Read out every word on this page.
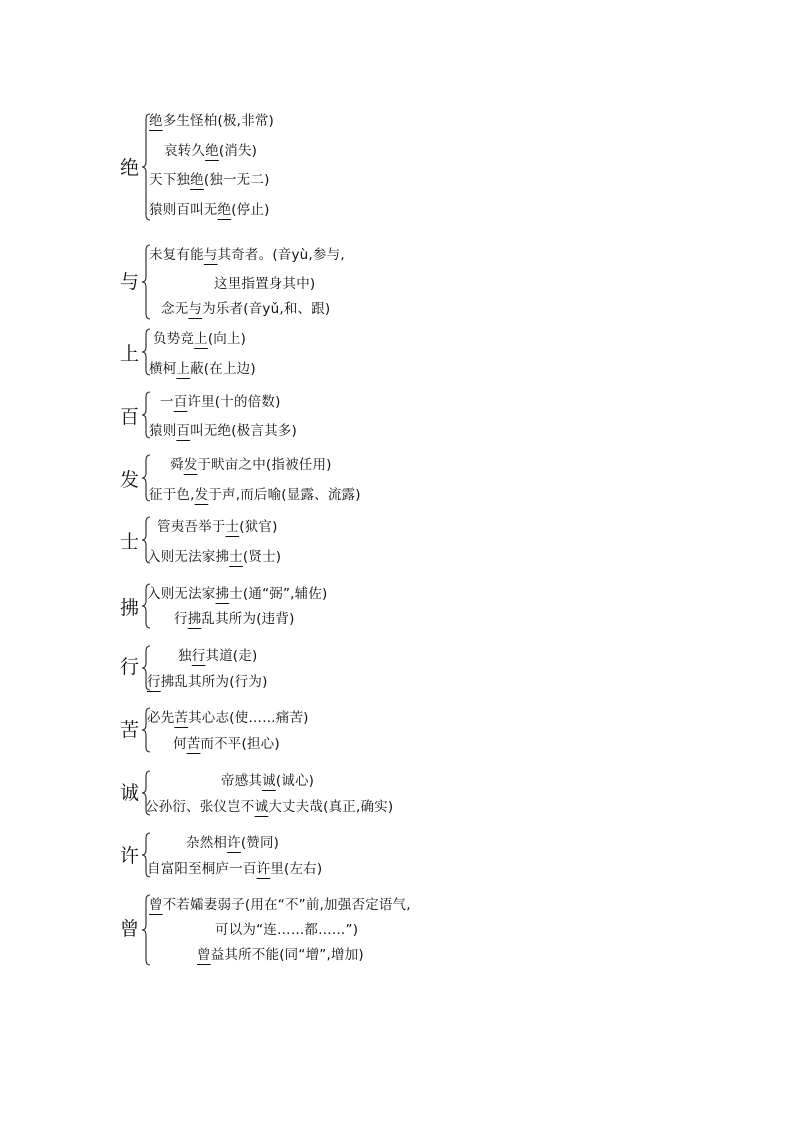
绝
绝多生怪柏(极,非常)
哀转久绝(消失)
天下独绝(独一无二)
猿则百叫无绝(停止)
与
未复有能与其奇者。(音yù,参与,
这里指置身其中)
念无与为乐者(音yǔ,和、跟)
上
负势竞上(向上)
横柯上蔽(在上边)
百
一百许里(十的倍数)
猿则百叫无绝(极言其多)
发
舜发于畎亩之中(指被任用)
征于色,发于声,而后喻(显露、流露)
士
管夷吾举于士(狱官)
入则无法家拂士(贤士)
拂
入则无法家拂士(通“弼”,辅佐)
行拂乱其所为(违背)
行	独行其道(走)
行拂乱其所为(行为)
苦
必先苦其心志(使……痛苦)
何苦而不平(担心)
诚
帝感其诚(诚心)
公孙衍、张仪岂不诚大丈夫哉(真正,确实)
许
杂然相许(赞同)
自富阳至桐庐一百许里(左右)
曾
曾不若孀妻弱子(用在“不”前,加强否定语气,
可以为“连……都……”)
曾益其所不能(同“增”,增加)
